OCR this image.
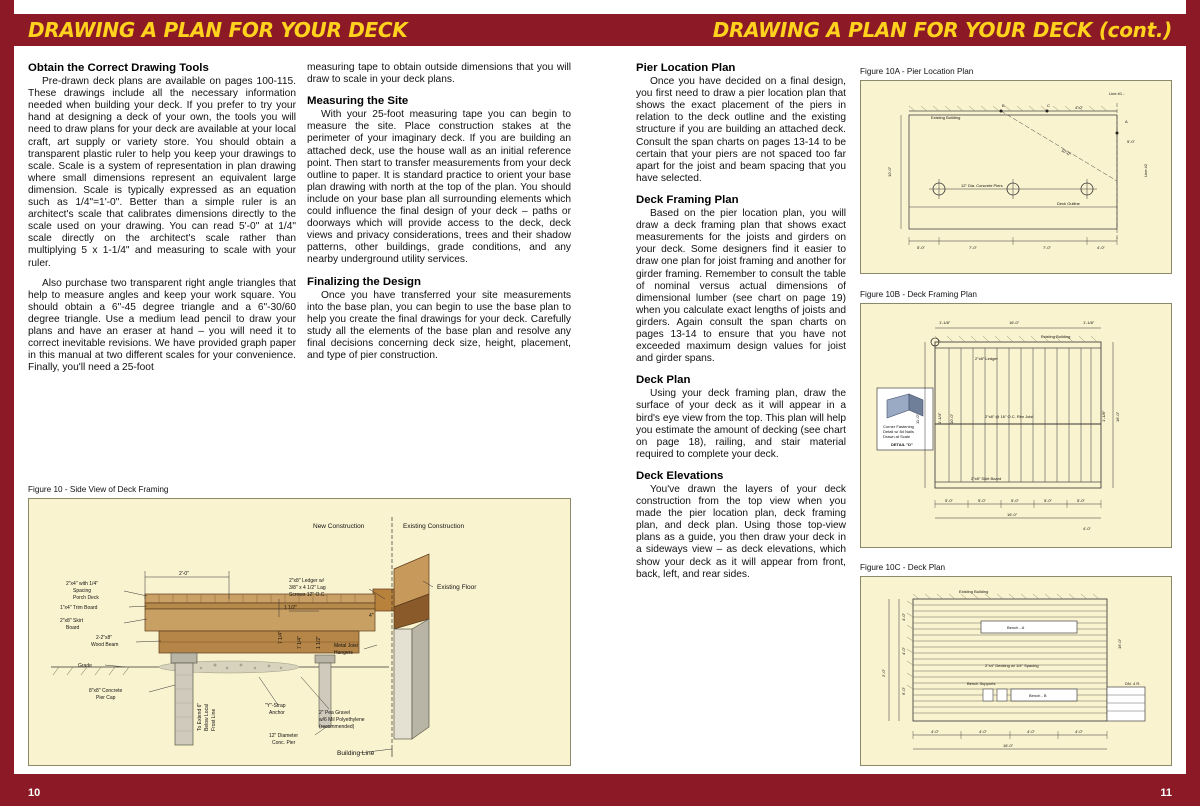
10	11
DRAWING A PLAN FOR YOUR DECK	DRAWING A PLAN FOR YOUR DECK (cont.)
Obtain the Correct Drawing Tools

Pre-drawn deck plans are available on pages 100-115. These drawings include all the necessary information needed when building your deck. If you prefer to try your hand at designing a deck of your own, the tools you will need to draw plans for your deck are available at your local craft, art supply or variety store. You should obtain a transparent plastic ruler to help you keep your drawings to scale. Scale is a system of representation in plan drawing where small dimensions represent an equivalent large dimension. Scale is typically expressed as an equation such as 1/4"=1'-0". Better than a simple ruler is an architect's scale that calibrates dimensions directly to the scale used on your drawing. You can read 5'-0" at 1/4" scale directly on the architect's scale rather than multiplying 5 x 1-1/4" and measuring to scale with your ruler.

Also purchase two transparent right angle triangles that help to measure angles and keep your work square. You should obtain a 6"-45 degree triangle and a 6"-30/60 degree triangle. Use a medium lead pencil to draw your plans and have an eraser at hand – you will need it to correct inevitable revisions. We have provided graph paper in this manual at two different scales for your convenience. Finally, you'll need a 25-foot

measuring tape to obtain outside dimensions that you will draw to scale in your deck plans.

Measuring the Site

With your 25-foot measuring tape you can begin to measure the site. Place construction stakes at the perimeter of your imaginary deck. If you are building an attached deck, use the house wall as an initial reference point. Then start to transfer measurements from your deck outline to paper. It is standard practice to orient your base plan drawing with north at the top of the plan. You should include on your base plan all surrounding elements which could influence the final design of your deck – paths or doorways which will provide access to the deck, deck views and privacy considerations, trees and their shadow patterns, other buildings, grade conditions, and any nearby underground utility services.

Finalizing the Design

Once you have transferred your site measurements into the base plan, you can begin to use the base plan to help you create the final drawings for your deck. Carefully study all the elements of the base plan and resolve any final decisions concerning deck size, height, placement, and type of pier construction.

Pier Location Plan

Once you have decided on a final design, you first need to draw a pier location plan that shows the exact placement of the piers in relation to the deck outline and the existing structure if you are building an attached deck. Consult the span charts on pages 13-14 to be certain that your piers are not spaced too far apart for the joist and beam spacing that you have selected.

Deck Framing Plan

Based on the pier location plan, you will draw a deck framing plan that shows exact measurements for the joists and girders on your deck. Some designers find it easier to draw one plan for joist framing and another for girder framing. Remember to consult the table of nominal versus actual dimensions of dimensional lumber (see chart on page 19) when you calculate exact lengths of joists and girders. Again consult the span charts on pages 13-14 to ensure that you have not exceeded maximum design values for joist and girder spans.

Deck Plan

Using your deck framing plan, draw the surface of your deck as it will appear in a bird's eye view from the top. This plan will help you estimate the amount of decking (see chart on page 18), railing, and stair material required to complete your deck.

Deck Elevations

You've drawn the layers of your deck construction from the top view when you made the pier location plan, deck framing plan, and deck plan. Using those top-view plans as a guide, you then draw your deck in a sideways view – as deck elevations, which show your deck as it will appear from front, back, left, and rear sides.

Figure 10 - Side View of Deck Framing
Figure 10A - Pier Location Plan
Figure 10B - Deck Framing Plan
Figure 10C - Deck Plan
New Construction	Existing Construction
2"x4" with 1/4"
Spacing
Porch Deck
1"x4" Trim Board
2"x8" Skirt
Board
2-2"x8"
Wood Beam
Grade
8"x8" Concrete
Pier Cap
2"x8" Ledger w/
3/8" x 4 1/2" Lag
Screws 12" O.C.
Existing Floor
Metal Joist
Hangers
2" Pea Gravel
w/6 Mil Polyethylene
(recommended)
"Y"-Strap
Anchor
12" Diameter
Conc. Pier
Building Line
To Extend 6" Below Local Frost Line
2'-0"
1 1/2"
4"
7 1/4"	7 1/4"	1 1/2"
Line #1 -
Existing Building
Line #2
A
B	C
12" Dia. Concrete Piers
Deck Outline
10'-0"
10'-0"
5'-0"
4'-0"
5'-0"	7'-0"	7'-0"	4'-0"
Corner Fastening
Detail w/ 8d Nails
Drawn at Scale
DETAIL "D"
1'-1/8"	16'-0"	1'-1/8"
Existing Building
2"x8" Ledger
2"x8" @ 16" O.C. Rim Joist
2"x8" Skirt Board
11'-0"	1'-1/4" 10'-0"	16'-0"
1'-1/8"
5'-0"	5'-0"	5'-0"	5'-0"	5'-0"
16'-0"
4'-0"
Existing Building
Bench - A
Bench - B
Bench Supports
2"x4" Decking w/ 1/4" Spacing
DN. 4 R.
4'-0"
4'-0"
6'-0"
2'-0"
16'-0"
4'-0"	4'-0"	4'-0"	4'-0"
16'-0"
